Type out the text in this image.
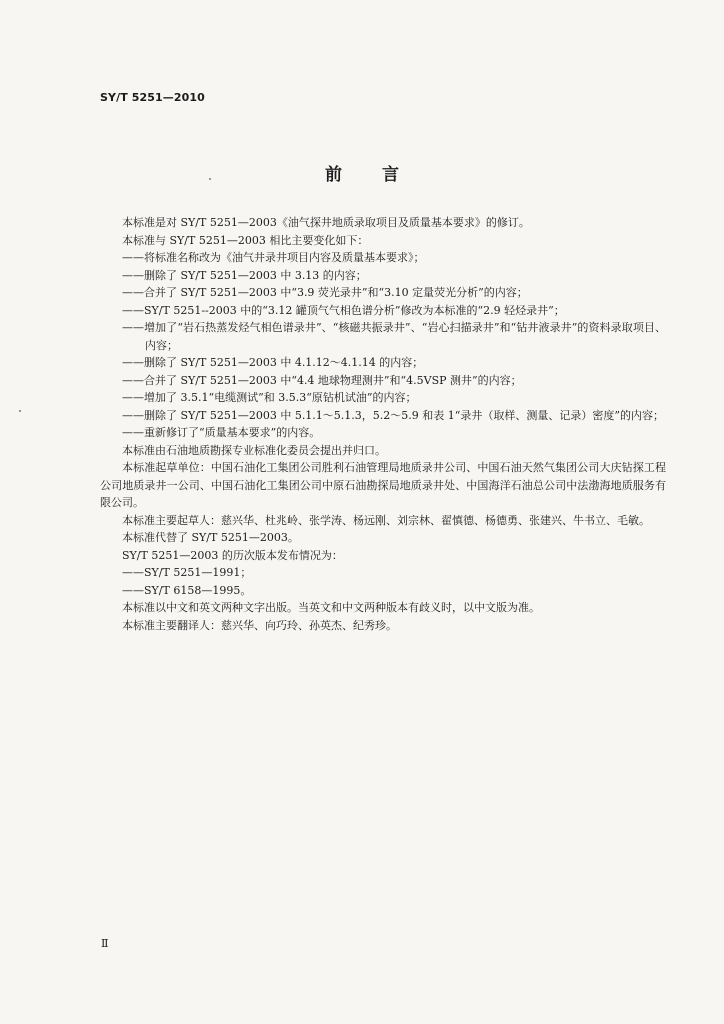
SY/T 5251—2010
前 言

本标准是对 SY/T 5251—2003《油气探井地质录取项目及质量基本要求》的修订。

本标准与 SY/T 5251—2003 相比主要变化如下：

——将标准名称改为《油气井录井项目内容及质量基本要求》；

——删除了 SY/T 5251—2003 中 3.13 的内容；

——合并了 SY/T 5251—2003 中“3.9 荧光录井”和“3.10 定量荧光分析”的内容；

——SY/T 5251--2003 中的“3.12 罐顶气气相色谱分析”修改为本标准的“2.9 轻烃录井”；

——增加了“岩石热蒸发烃气相色谱录井”、“核磁共振录井”、“岩心扫描录井”和“钻井液录井”的资料录取项目、内容；

——删除了 SY/T 5251—2003 中 4.1.12～4.1.14 的内容；

——合并了 SY/T 5251—2003 中“4.4 地球物理测井”和“4.5VSP 测井”的内容；

——增加了 3.5.1“电缆测试”和 3.5.3“原钻机试油”的内容；

——删除了 SY/T 5251—2003 中 5.1.1～5.1.3，5.2～5.9 和表 1“录井（取样、测量、记录）密度”的内容；

——重新修订了“质量基本要求”的内容。

本标准由石油地质勘探专业标准化委员会提出并归口。

本标准起草单位：中国石油化工集团公司胜利石油管理局地质录井公司、中国石油天然气集团公司大庆钻探工程公司地质录井一公司、中国石油化工集团公司中原石油勘探局地质录井处、中国海洋石油总公司中法渤海地质服务有限公司。

本标准主要起草人：慈兴华、杜兆岭、张学涛、杨远刚、刘宗林、翟慎德、杨德勇、张建兴、牛书立、毛敏。

本标准代替了 SY/T 5251—2003。

SY/T 5251—2003 的历次版本发布情况为：

——SY/T 5251—1991；

——SY/T 6158—1995。

本标准以中文和英文两种文字出版。当英文和中文两种版本有歧义时，以中文版为准。

本标准主要翻译人：慈兴华、向巧玲、孙英杰、纪秀珍。

Ⅱ
